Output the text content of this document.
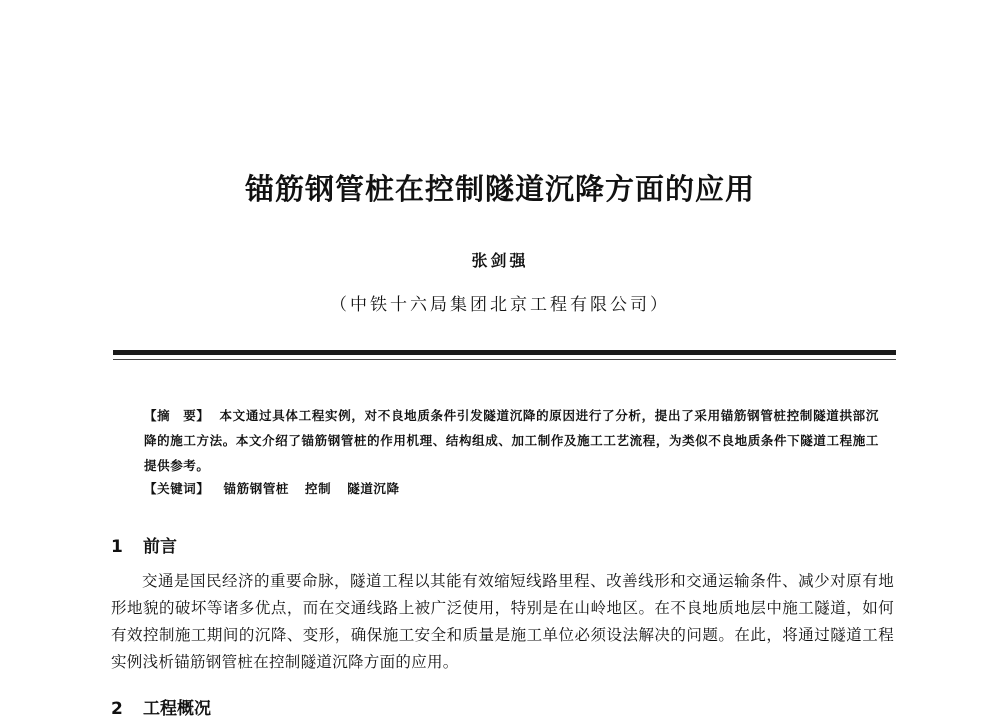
锚筋钢管桩在控制隧道沉降方面的应用
张剑强
（中铁十六局集团北京工程有限公司）
【摘　要】 本文通过具体工程实例，对不良地质条件引发隧道沉降的原因进行了分析，提出了采用锚筋钢管桩控制隧道拱部沉降的施工方法。本文介绍了锚筋钢管桩的作用机理、结构组成、加工制作及施工工艺流程，为类似不良地质条件下隧道工程施工提供参考。
【关键词】 锚筋钢管桩 控制 隧道沉降
1 前言
交通是国民经济的重要命脉，隧道工程以其能有效缩短线路里程、改善线形和交通运输条件、减少对原有地形地貌的破坏等诸多优点，而在交通线路上被广泛使用，特别是在山岭地区。在不良地质地层中施工隧道，如何有效控制施工期间的沉降、变形，确保施工安全和质量是施工单位必须设法解决的问题。在此，将通过隧道工程实例浅析锚筋钢管桩在控制隧道沉降方面的应用。
2 工程概况
